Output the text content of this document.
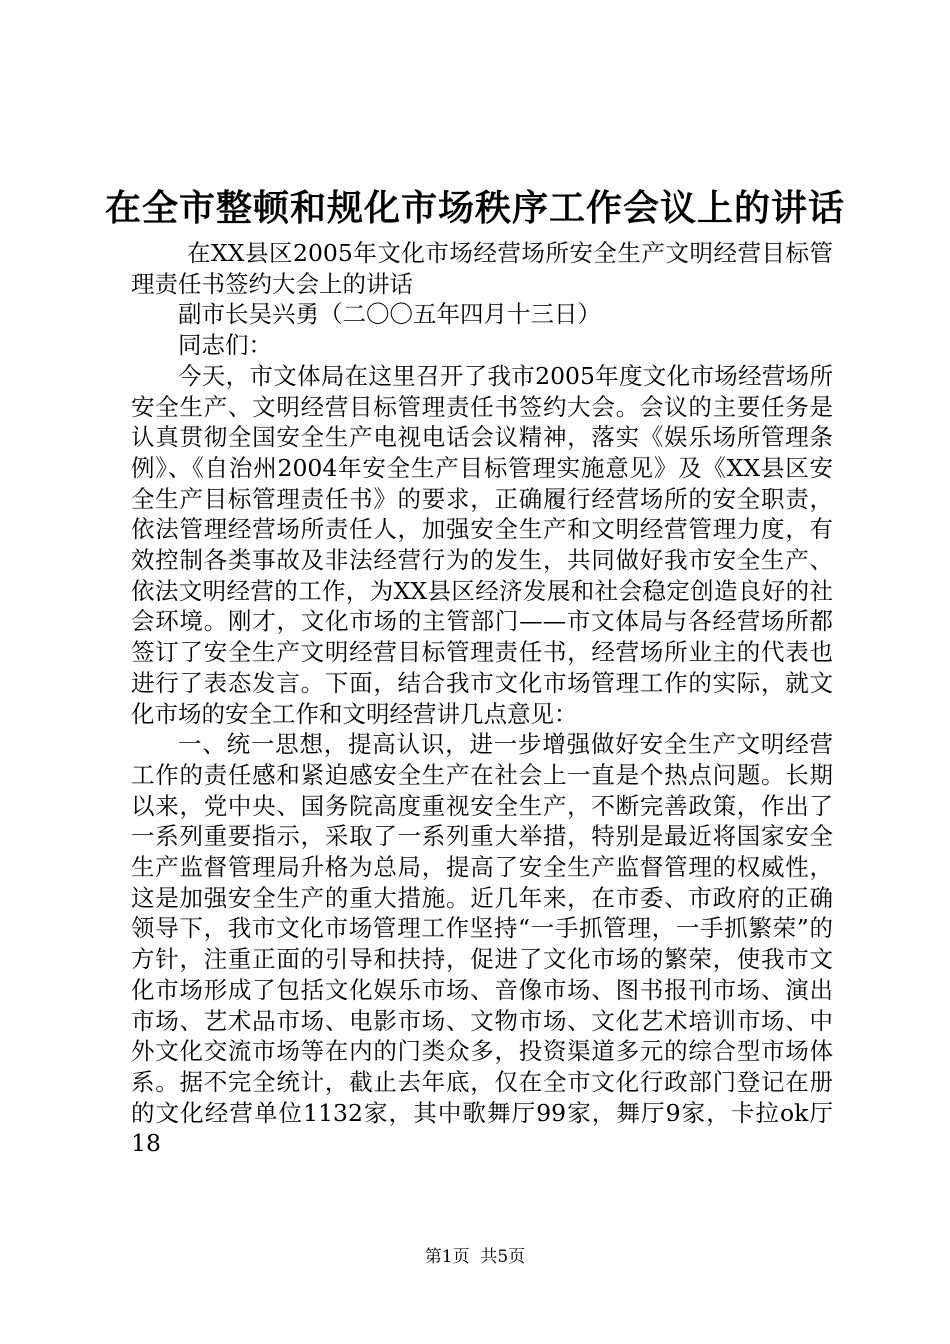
在全市整顿和规化市场秩序工作会议上的讲话

在XX县区2005年文化市场经营场所安全生产文明经营目标管理责任书签约大会上的讲话

副市长吴兴勇（二〇〇五年四月十三日）

同志们：

今天，市文体局在这里召开了我市2005年度文化市场经营场所安全生产、文明经营目标管理责任书签约大会。会议的主要任务是认真贯彻全国安全生产电视电话会议精神，落实《娱乐场所管理条例》、《自治州2004年安全生产目标管理实施意见》及《XX县区安全生产目标管理责任书》的要求，正确履行经营场所的安全职责，依法管理经营场所责任人，加强安全生产和文明经营管理力度，有效控制各类事故及非法经营行为的发生，共同做好我市安全生产、依法文明经营的工作，为XX县区经济发展和社会稳定创造良好的社会环境。刚才，文化市场的主管部门——市文体局与各经营场所都签订了安全生产文明经营目标管理责任书，经营场所业主的代表也进行了表态发言。下面，结合我市文化市场管理工作的实际，就文化市场的安全工作和文明经营讲几点意见：

一、统一思想，提高认识，进一步增强做好安全生产文明经营工作的责任感和紧迫感安全生产在社会上一直是个热点问题。长期以来，党中央、国务院高度重视安全生产，不断完善政策，作出了一系列重要指示，采取了一系列重大举措，特别是最近将国家安全生产监督管理局升格为总局，提高了安全生产监督管理的权威性，这是加强安全生产的重大措施。近几年来，在市委、市政府的正确领导下，我市文化市场管理工作坚持“一手抓管理，一手抓繁荣”的方针，注重正面的引导和扶持，促进了文化市场的繁荣，使我市文化市场形成了包括文化娱乐市场、音像市场、图书报刊市场、演出市场、艺术品市场、电影市场、文物市场、文化艺术培训市场、中外文化交流市场等在内的门类众多，投资渠道多元的综合型市场体系。据不完全统计，截止去年底，仅在全市文化行政部门登记在册的文化经营单位1132家，其中歌舞厅99家，舞厅9家，卡拉ok厅18

第1页 共5页
